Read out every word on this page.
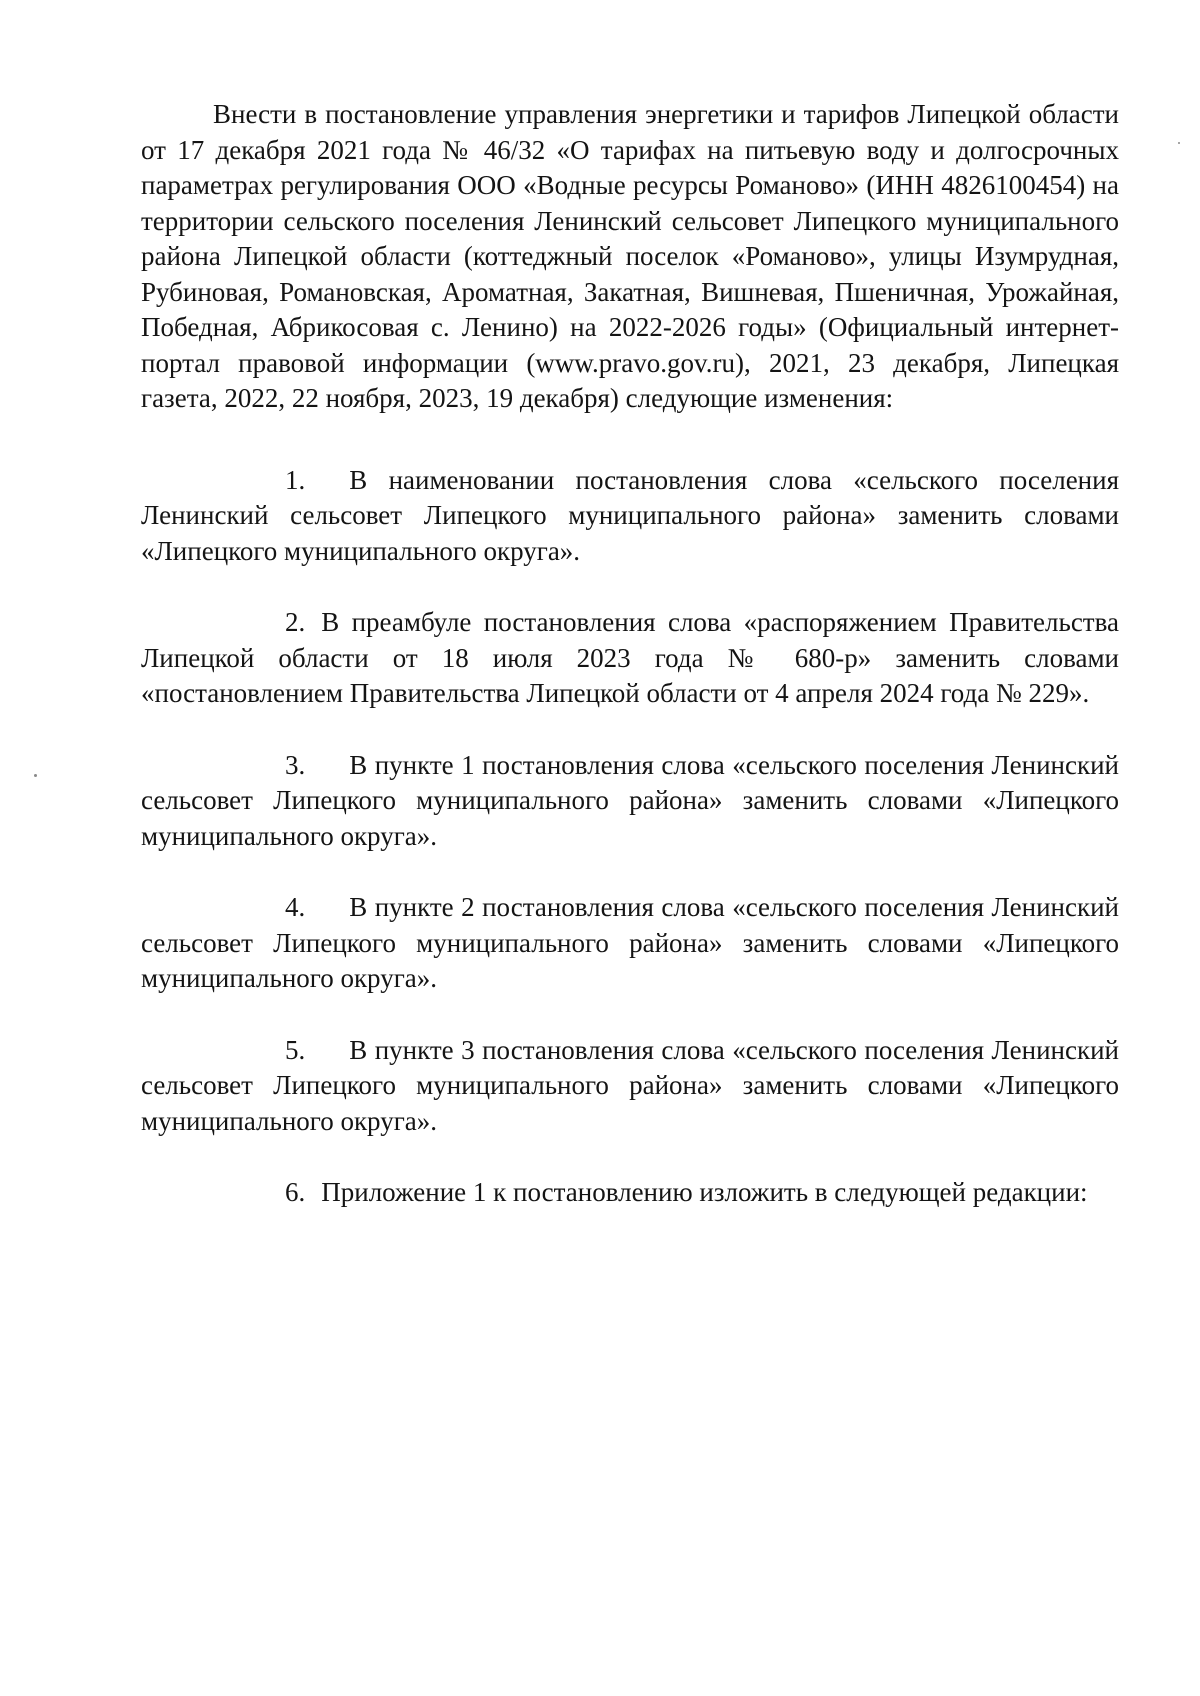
Внести в постановление управления энергетики и тарифов Липецкой области от 17 декабря 2021 года № 46/32 «О тарифах на питьевую воду и долгосрочных параметрах регулирования ООО «Водные ресурсы Романово» (ИНН 4826100454) на территории сельского поселения Ленинский сельсовет Липецкого муниципального района Липецкой области (коттеджный поселок «Романово», улицы Изумрудная, Рубиновая, Романовская, Ароматная, Закатная, Вишневая, Пшеничная, Урожайная, Победная, Абрикосовая с. Ленино) на 2022-2026 годы» (Официальный интернет-портал правовой информации (www.pravo.gov.ru), 2021, 23 декабря, Липецкая газета, 2022, 22 ноября, 2023, 19 декабря) следующие изменения:

1. В наименовании постановления слова «сельского поселения Ленинский сельсовет Липецкого муниципального района» заменить словами «Липецкого муниципального округа».

2. В преамбуле постановления слова «распоряжением Правительства Липецкой области от 18 июля 2023 года № 680-р» заменить словами «постановлением Правительства Липецкой области от 4 апреля 2024 года № 229».

3. В пункте 1 постановления слова «сельского поселения Ленинский сельсовет Липецкого муниципального района» заменить словами «Липецкого муниципального округа».

4. В пункте 2 постановления слова «сельского поселения Ленинский сельсовет Липецкого муниципального района» заменить словами «Липецкого муниципального округа».

5. В пункте 3 постановления слова «сельского поселения Ленинский сельсовет Липецкого муниципального района» заменить словами «Липецкого муниципального округа».

6. Приложение 1 к постановлению изложить в следующей редакции:
